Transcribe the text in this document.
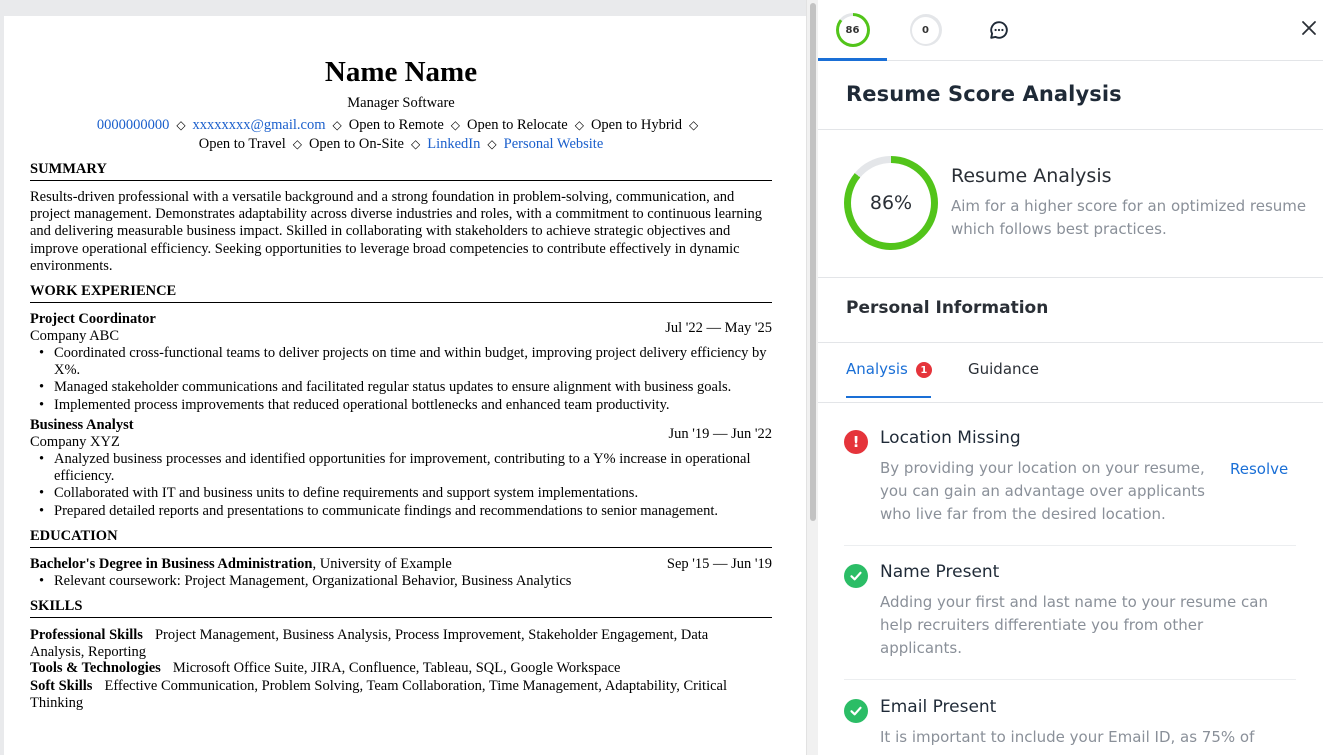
Name Name
Manager Software
0000000000 ◇ xxxxxxxx@gmail.com ◇ Open to Remote ◇ Open to Relocate ◇ Open to Hybrid ◇
Open to Travel ◇ Open to On-Site ◇ LinkedIn ◇ Personal Website
SUMMARY
Results-driven professional with a versatile background and a strong foundation in problem-solving, communication, and project management. Demonstrates adaptability across diverse industries and roles, with a commitment to continuous learning and delivering measurable business impact. Skilled in collaborating with stakeholders to achieve strategic objectives and improve operational efficiency. Seeking opportunities to leverage broad competencies to contribute effectively in dynamic environments.
WORK EXPERIENCE
Project Coordinator
Company ABC	Jul '22 — May '25
• Coordinated cross-functional teams to deliver projects on time and within budget, improving project delivery efficiency by X%.
• Managed stakeholder communications and facilitated regular status updates to ensure alignment with business goals.
• Implemented process improvements that reduced operational bottlenecks and enhanced team productivity.
Business Analyst
Company XYZ	Jun '19 — Jun '22
• Analyzed business processes and identified opportunities for improvement, contributing to a Y% increase in operational efficiency.
• Collaborated with IT and business units to define requirements and support system implementations.
• Prepared detailed reports and presentations to communicate findings and recommendations to senior management.
EDUCATION
Bachelor's Degree in Business Administration, University of Example	Sep '15 — Jun '19
• Relevant coursework: Project Management, Organizational Behavior, Business Analytics
SKILLS
Professional Skills Project Management, Business Analysis, Process Improvement, Stakeholder Engagement, Data Analysis, Reporting
Tools & Technologies Microsoft Office Suite, JIRA, Confluence, Tableau, SQL, Google Workspace
Soft Skills Effective Communication, Problem Solving, Team Collaboration, Time Management, Adaptability, Critical Thinking
86	0
Resume Score Analysis
86%
Resume Analysis
Aim for a higher score for an optimized resume which follows best practices.
Personal Information
Analysis	1	Guidance
!	Location Missing
By providing your location on your resume, you can gain an advantage over applicants who live far from the desired location.
Resolve
Name Present
Adding your first and last name to your resume can help recruiters differentiate you from other applicants.
Email Present
It is important to include your Email ID, as 75% of
